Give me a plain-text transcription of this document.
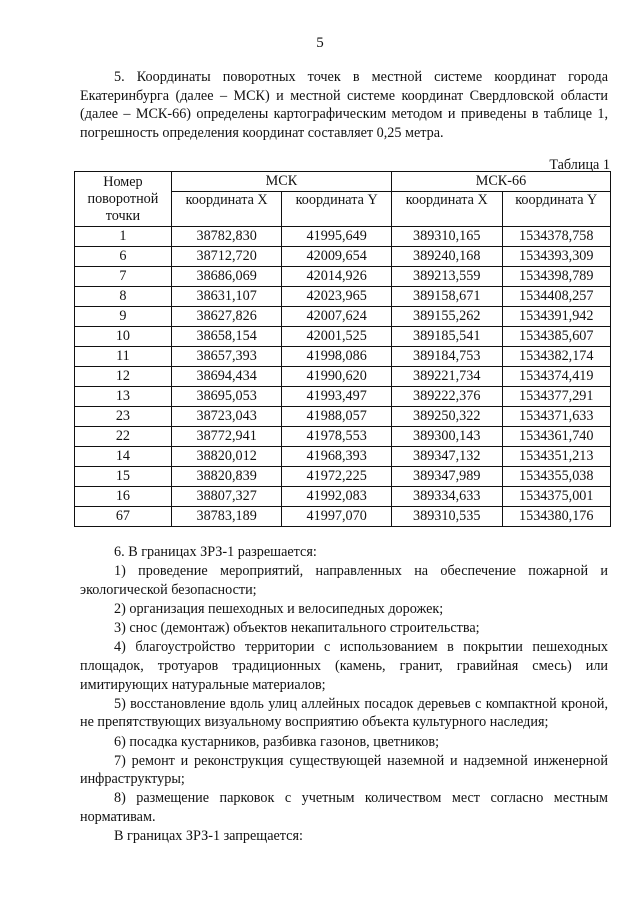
5

5. Координаты поворотных точек в местной системе координат города Екатеринбурга (далее – МСК) и местной системе координат Свердловской области (далее – МСК-66) определены картографическим методом и приведены в таблице 1, погрешность определения координат составляет 0,25 метра.

Таблица 1
Номер поворотной точки	МСК		МСК-66	
	координата X	координата Y	координата X	координата Y
1	38782,830	41995,649	389310,165	1534378,758
6	38712,720	42009,654	389240,168	1534393,309
7	38686,069	42014,926	389213,559	1534398,789
8	38631,107	42023,965	389158,671	1534408,257
9	38627,826	42007,624	389155,262	1534391,942
10	38658,154	42001,525	389185,541	1534385,607
11	38657,393	41998,086	389184,753	1534382,174
12	38694,434	41990,620	389221,734	1534374,419
13	38695,053	41993,497	389222,376	1534377,291
23	38723,043	41988,057	389250,322	1534371,633
22	38772,941	41978,553	389300,143	1534361,740
14	38820,012	41968,393	389347,132	1534351,213
15	38820,839	41972,225	389347,989	1534355,038
16	38807,327	41992,083	389334,633	1534375,001
67	38783,189	41997,070	389310,535	1534380,176

6. В границах ЗРЗ-1 разрешается:

1) проведение мероприятий, направленных на обеспечение пожарной и экологической безопасности;

2) организация пешеходных и велосипедных дорожек;

3) снос (демонтаж) объектов некапитального строительства;

4) благоустройство территории с использованием в покрытии пешеходных площадок, тротуаров традиционных (камень, гранит, гравийная смесь) или имитирующих натуральные материалов;

5) восстановление вдоль улиц аллейных посадок деревьев с компактной кроной, не препятствующих визуальному восприятию объекта культурного наследия;

6) посадка кустарников, разбивка газонов, цветников;

7) ремонт и реконструкция существующей наземной и надземной инженерной инфраструктуры;

8) размещение парковок с учетным количеством мест согласно местным нормативам.

В границах ЗРЗ-1 запрещается:
